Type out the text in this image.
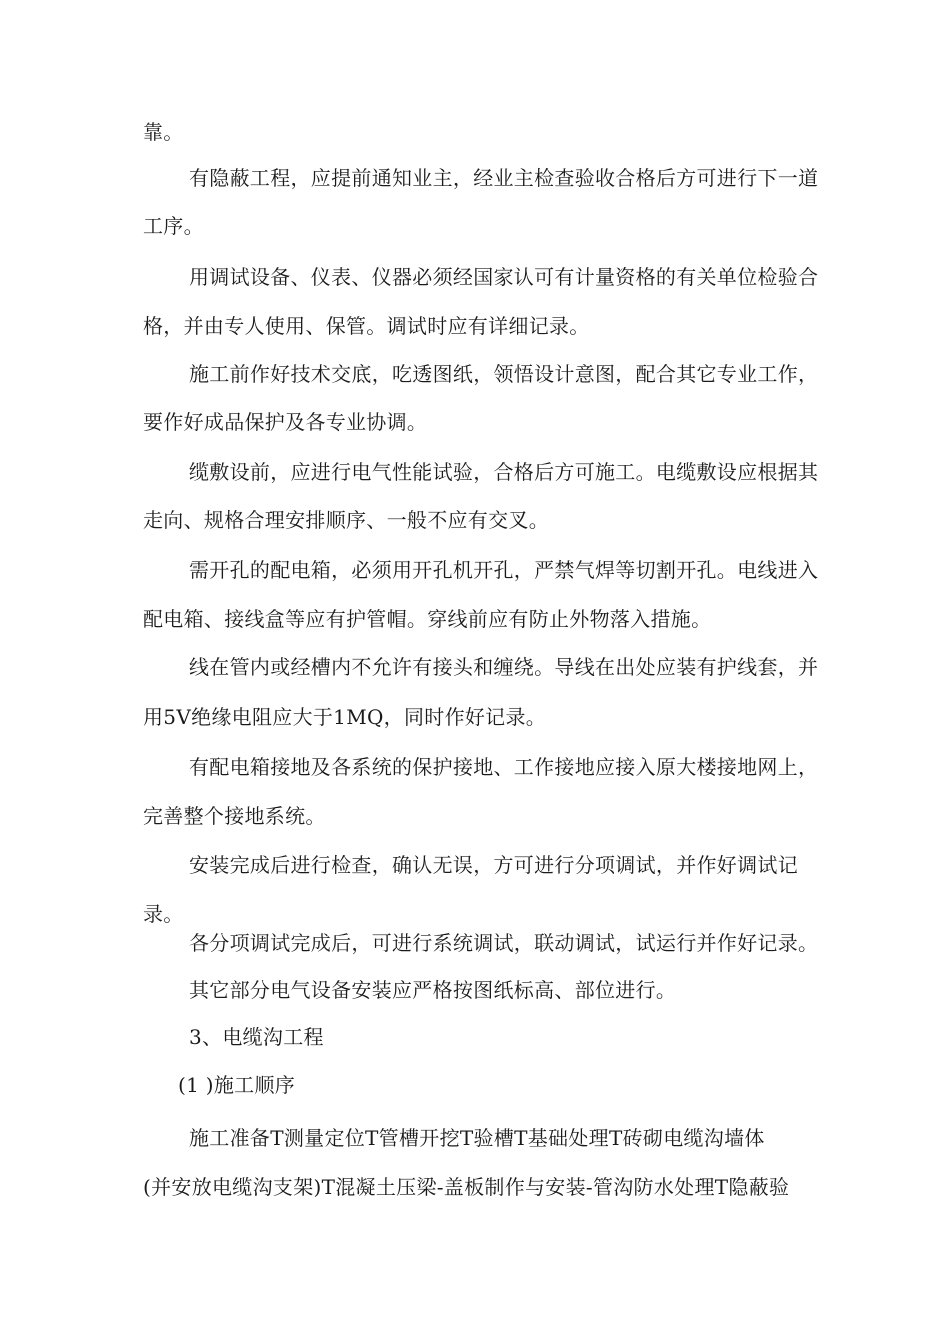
靠。
有隐蔽工程，应提前通知业主，经业主检查验收合格后方可进行下一道
工序。
用调试设备、仪表、仪器必须经国家认可有计量资格的有关单位检验合
格，并由专人使用、保管。调试时应有详细记录。
施工前作好技术交底，吃透图纸，领悟设计意图，配合其它专业工作，
要作好成品保护及各专业协调。
缆敷设前，应进行电气性能试验，合格后方可施工。电缆敷设应根据其
走向、规格合理安排顺序、一般不应有交叉。
需开孔的配电箱，必须用开孔机开孔，严禁气焊等切割开孔。电线进入
配电箱、接线盒等应有护管帽。穿线前应有防止外物落入措施。
线在管内或经槽内不允许有接头和缠绕。导线在出处应装有护线套，并
用5V绝缘电阻应大于1MQ，同时作好记录。
有配电箱接地及各系统的保护接地、工作接地应接入原大楼接地网上，
完善整个接地系统。
安装完成后进行检查，确认无误，方可进行分项调试，并作好调试记
录。
各分项调试完成后，可进行系统调试，联动调试，试运行并作好记录。
其它部分电气设备安装应严格按图纸标高、部位进行。
3、电缆沟工程
(1 )施工顺序
施工准备T测量定位T管槽开挖T验槽T基础处理T砖砌电缆沟墙体
(并安放电缆沟支架)T混凝土压梁-盖板制作与安装-管沟防水处理T隐蔽验
